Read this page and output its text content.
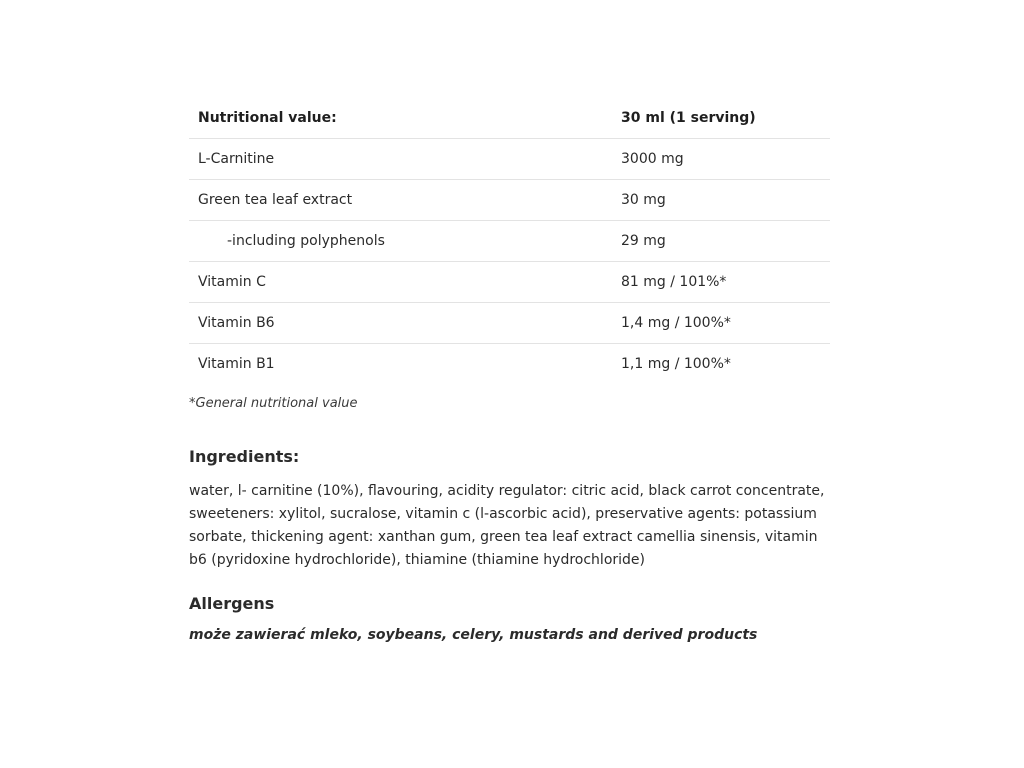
Nutritional value:	30 ml (1 serving)
L-Carnitine	3000 mg
Green tea leaf extract	30 mg
-including polyphenols	29 mg
Vitamin C	81 mg / 101%*
Vitamin B6	1,4 mg / 100%*
Vitamin B1	1,1 mg / 100%*
*General nutritional value
Ingredients:
water, l- carnitine (10%), flavouring, acidity regulator: citric acid, black carrot concentrate, sweeteners: xylitol, sucralose, vitamin c (l-ascorbic acid), preservative agents: potassium sorbate, thickening agent: xanthan gum, green tea leaf extract camellia sinensis, vitamin b6 (pyridoxine hydrochloride), thiamine (thiamine hydrochloride)
Allergens
może zawierać mleko, soybeans, celery, mustards and derived products
